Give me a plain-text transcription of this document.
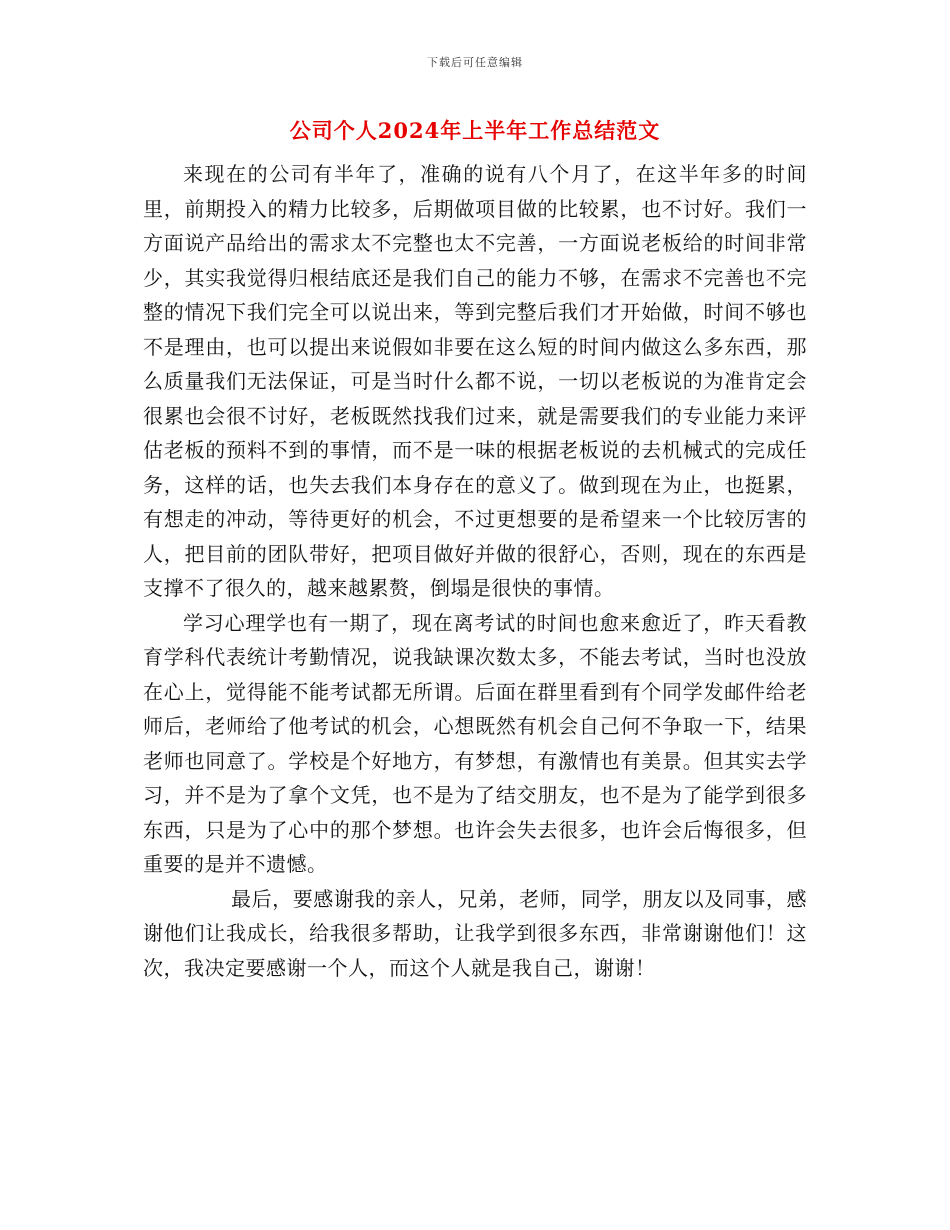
下载后可任意编辑
公司个人2024年上半年工作总结范文

来现在的公司有半年了，准确的说有八个月了，在这半年多的时间里，前期投入的精力比较多，后期做项目做的比较累，也不讨好。我们一方面说产品给出的需求太不完整也太不完善，一方面说老板给的时间非常少，其实我觉得归根结底还是我们自己的能力不够，在需求不完善也不完整的情况下我们完全可以说出来，等到完整后我们才开始做，时间不够也不是理由，也可以提出来说假如非要在这么短的时间内做这么多东西，那么质量我们无法保证，可是当时什么都不说，一切以老板说的为准肯定会很累也会很不讨好，老板既然找我们过来，就是需要我们的专业能力来评估老板的预料不到的事情，而不是一味的根据老板说的去机械式的完成任务，这样的话，也失去我们本身存在的意义了。做到现在为止，也挺累，有想走的冲动，等待更好的机会，不过更想要的是希望来一个比较厉害的人，把目前的团队带好，把项目做好并做的很舒心，否则，现在的东西是支撑不了很久的，越来越累赘，倒塌是很快的事情。

学习心理学也有一期了，现在离考试的时间也愈来愈近了，昨天看教育学科代表统计考勤情况，说我缺课次数太多，不能去考试，当时也没放在心上，觉得能不能考试都无所谓。后面在群里看到有个同学发邮件给老师后，老师给了他考试的机会，心想既然有机会自己何不争取一下，结果老师也同意了。学校是个好地方，有梦想，有激情也有美景。但其实去学习，并不是为了拿个文凭，也不是为了结交朋友，也不是为了能学到很多东西，只是为了心中的那个梦想。也许会失去很多，也许会后悔很多，但重要的是并不遗憾。

最后，要感谢我的亲人，兄弟，老师，同学，朋友以及同事，感谢他们让我成长，给我很多帮助，让我学到很多东西，非常谢谢他们！这次，我决定要感谢一个人，而这个人就是我自己，谢谢！
